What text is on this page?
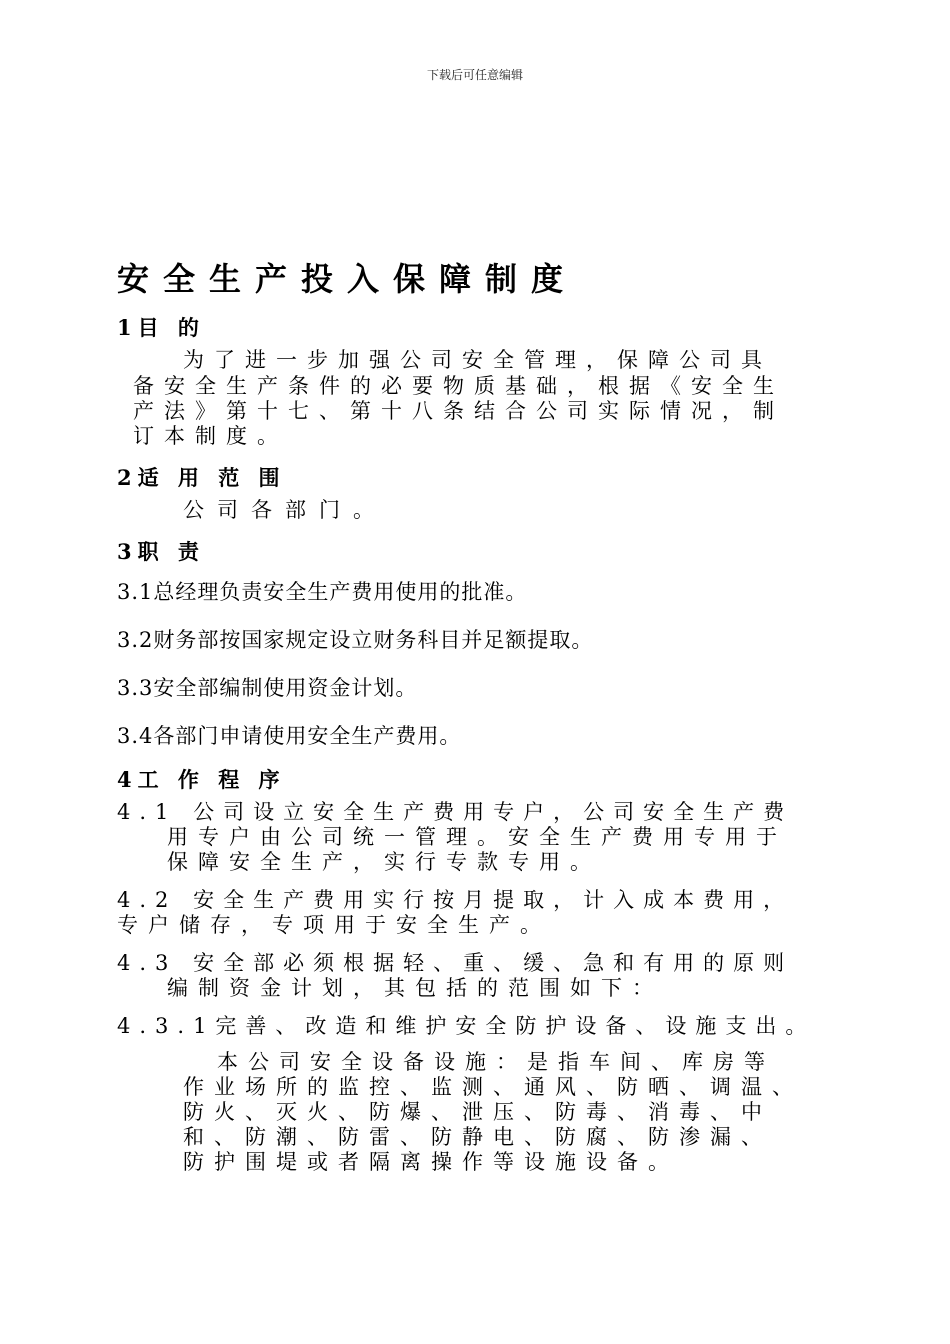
下载后可任意编辑
安全生产投入保障制度
1目 的
为了进一步加强公司安全管理，保障公司具
备安全生产条件的必要物质基础，根据《安全生
产法》第十七、第十八条结合公司实际情况，制
订本制度。
2适 用 范 围
公司各部门。
3职 责
3.1总经理负责安全生产费用使用的批准。
3.2财务部按国家规定设立财务科目并足额提取。
3.3安全部编制使用资金计划。
3.4各部门申请使用安全生产费用。
4工 作 程 序
4.1 公司设立安全生产费用专户，公司安全生产费
用专户由公司统一管理。安全生产费用专用于
保障安全生产，实行专款专用。
4.2 安全生产费用实行按月提取，计入成本费用，
专户储存，专项用于安全生产。
4.3 安全部必须根据轻、重、缓、急和有用的原则
编制资金计划，其包括的范围如下：
4.3.1完善、改造和维护安全防护设备、设施支出。
本公司安全设备设施：是指车间、库房等
作业场所的监控、监测、通风、防晒、调温、
防火、灭火、防爆、泄压、防毒、消毒、中
和、防潮、防雷、防静电、防腐、防渗漏、
防护围堤或者隔离操作等设施设备。
